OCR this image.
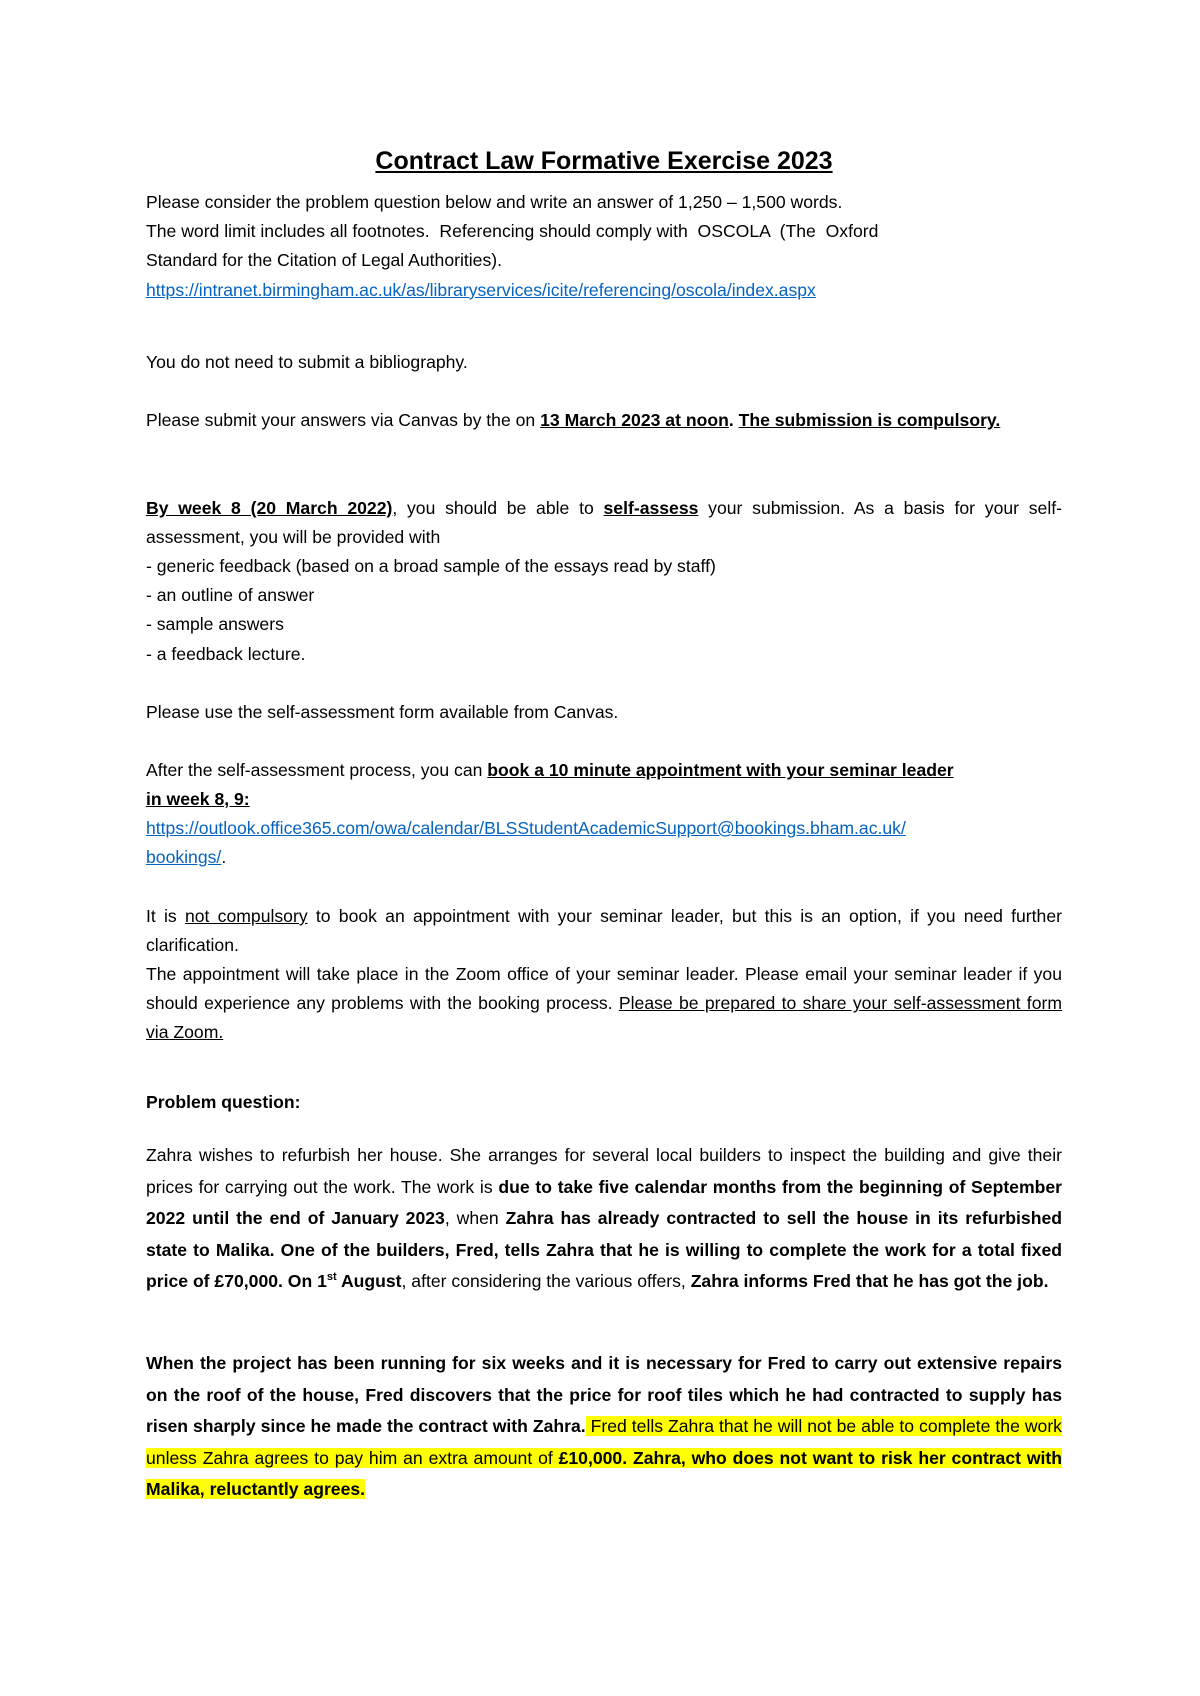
Contract Law Formative Exercise 2023
Please consider the problem question below and write an answer of 1,250 – 1,500 words.
The word limit includes all footnotes.  Referencing should comply with  OSCOLA  (The  Oxford
Standard for the Citation of Legal Authorities).
https://intranet.birmingham.ac.uk/as/libraryservices/icite/referencing/oscola/index.aspx
You do not need to submit a bibliography.
Please submit your answers via Canvas by the on 13 March 2023 at noon. The submission is compulsory.
By week 8 (20 March 2022), you should be able to self-assess your submission. As a basis for your self-assessment, you will be provided with
- generic feedback (based on a broad sample of the essays read by staff)
- an outline of answer
- sample answers
- a feedback lecture.
Please use the self-assessment form available from Canvas.
After the self-assessment process, you can book a 10 minute appointment with your seminar leader in week 8, 9:
https://outlook.office365.com/owa/calendar/BLSStudentAcademicSupport@bookings.bham.ac.uk/
bookings/.
It is not compulsory to book an appointment with your seminar leader, but this is an option, if you need further clarification.
The appointment will take place in the Zoom office of your seminar leader. Please email your seminar leader if you should experience any problems with the booking process. Please be prepared to share your self-assessment form via Zoom.
Problem question:
Zahra wishes to refurbish her house. She arranges for several local builders to inspect the building and give their prices for carrying out the work. The work is due to take five calendar months from the beginning of September 2022 until the end of January 2023, when Zahra has already contracted to sell the house in its refurbished state to Malika. One of the builders, Fred, tells Zahra that he is willing to complete the work for a total fixed price of £70,000. On 1st August, after considering the various offers, Zahra informs Fred that he has got the job.
When the project has been running for six weeks and it is necessary for Fred to carry out extensive repairs on the roof of the house, Fred discovers that the price for roof tiles which he had contracted to supply has risen sharply since he made the contract with Zahra. Fred tells Zahra that he will not be able to complete the work unless Zahra agrees to pay him an extra amount of £10,000. Zahra, who does not want to risk her contract with Malika, reluctantly agrees.
